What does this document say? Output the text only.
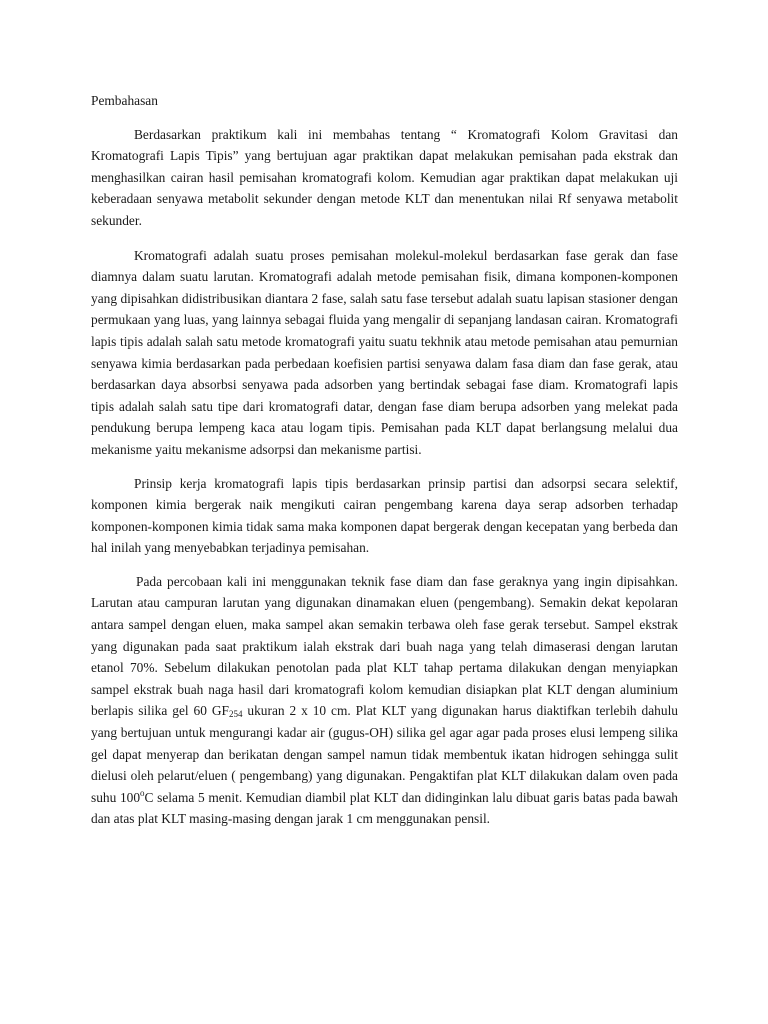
Pembahasan

Berdasarkan praktikum kali ini membahas tentang “ Kromatografi Kolom Gravitasi dan Kromatografi Lapis Tipis” yang bertujuan agar praktikan dapat melakukan pemisahan pada ekstrak dan menghasilkan cairan hasil pemisahan kromatografi kolom. Kemudian agar praktikan dapat melakukan uji keberadaan senyawa metabolit sekunder dengan metode KLT dan menentukan nilai Rf senyawa metabolit sekunder.

Kromatografi adalah suatu proses pemisahan molekul-molekul berdasarkan fase gerak dan fase diamnya dalam suatu larutan. Kromatografi adalah metode pemisahan fisik, dimana komponen-komponen yang dipisahkan didistribusikan diantara 2 fase, salah satu fase tersebut adalah suatu lapisan stasioner dengan permukaan yang luas, yang lainnya sebagai fluida yang mengalir di sepanjang landasan cairan. Kromatografi lapis tipis adalah salah satu metode kromatografi yaitu suatu tekhnik atau metode pemisahan atau pemurnian senyawa kimia berdasarkan pada perbedaan koefisien partisi senyawa dalam fasa diam dan fase gerak, atau berdasarkan daya absorbsi senyawa pada adsorben yang bertindak sebagai fase diam. Kromatografi lapis tipis adalah salah satu tipe dari kromatografi datar, dengan fase diam berupa adsorben yang melekat pada pendukung berupa lempeng kaca atau logam tipis. Pemisahan pada KLT dapat berlangsung melalui dua mekanisme yaitu mekanisme adsorpsi dan mekanisme partisi.

Prinsip kerja kromatografi lapis tipis berdasarkan prinsip partisi dan adsorpsi secara selektif, komponen kimia bergerak naik mengikuti cairan pengembang karena daya serap adsorben terhadap komponen-komponen kimia tidak sama maka komponen dapat bergerak dengan kecepatan yang berbeda dan hal inilah yang menyebabkan terjadinya pemisahan.

Pada percobaan kali ini menggunakan teknik fase diam dan fase geraknya yang ingin dipisahkan. Larutan atau campuran larutan yang digunakan dinamakan eluen (pengembang). Semakin dekat kepolaran antara sampel dengan eluen, maka sampel akan semakin terbawa oleh fase gerak tersebut. Sampel ekstrak yang digunakan pada saat praktikum ialah ekstrak dari buah naga yang telah dimaserasi dengan larutan etanol 70%. Sebelum dilakukan penotolan pada plat KLT tahap pertama dilakukan dengan menyiapkan sampel ekstrak buah naga hasil dari kromatografi kolom kemudian disiapkan plat KLT dengan aluminium berlapis silika gel 60 $GF_{254}$ ukuran 2 x 10 cm. Plat KLT yang digunakan harus diaktifkan terlebih dahulu yang bertujuan untuk mengurangi kadar air (gugus-OH) silika gel agar agar pada proses elusi lempeng silika gel dapat menyerap dan berikatan dengan sampel namun tidak membentuk ikatan hidrogen sehingga sulit dielusi oleh pelarut/eluen ( pengembang) yang digunakan. Pengaktifan plat KLT dilakukan dalam oven pada suhu 100$^o$C selama 5 menit. Kemudian diambil plat KLT dan didinginkan lalu dibuat garis batas pada bawah dan atas plat KLT masing-masing dengan jarak 1 cm menggunakan pensil.
